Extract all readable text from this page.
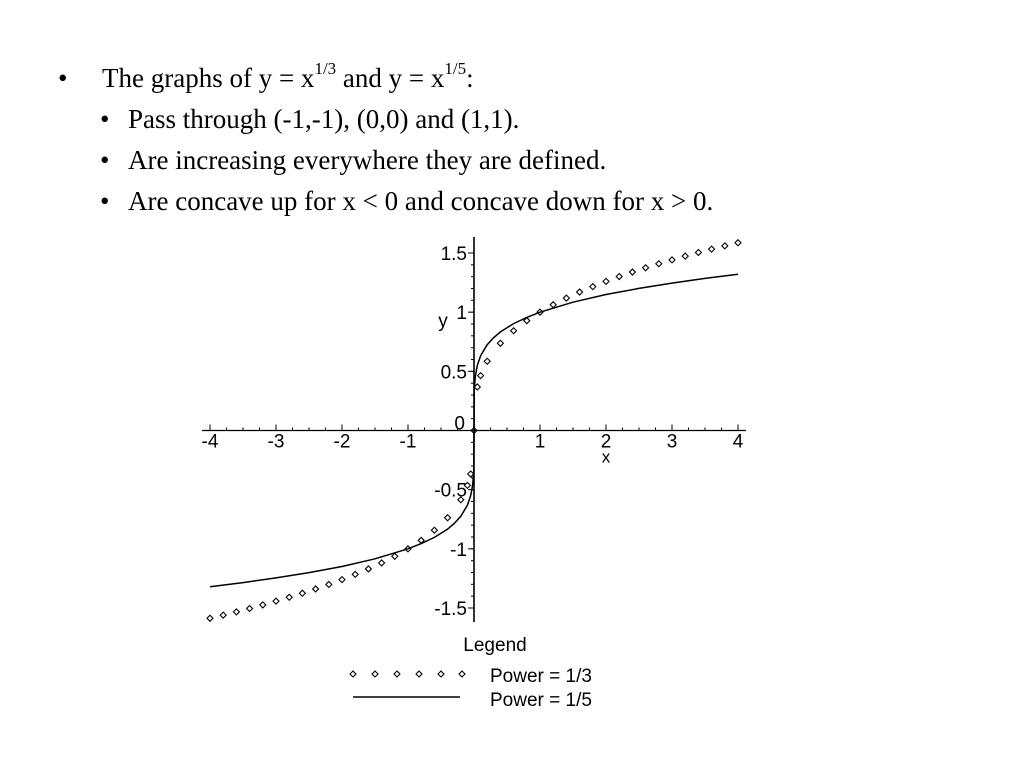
• The graphs of $y = x^{1/3}$ and $y = x^{1/5}$:
• Pass through (-1,-1), (0,0) and (1,1).
• Are increasing everywhere they are defined.
• Are concave up for x < 0 and concave down for x > 0.
-4	-3	-2	-1
0
1	2	3	4
-1.5
-1
-0.5
0.5
1
1.5
x
y
Legend
Power = 1/3
Power = 1/5
